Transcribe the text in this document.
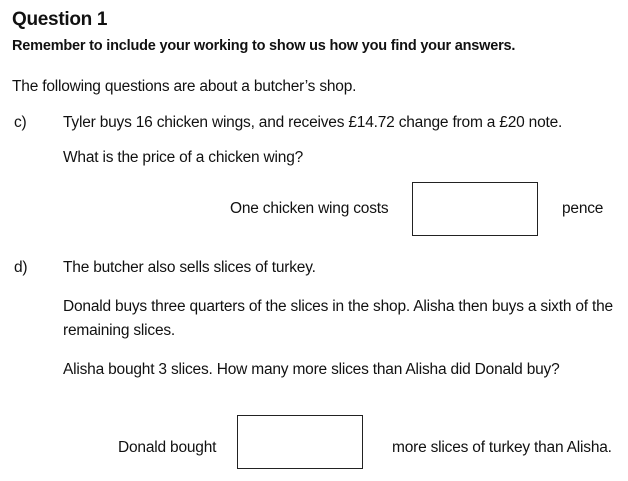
Question 1
Remember to include your working to show us how you find your answers.
The following questions are about a butcher’s shop.
c) Tyler buys 16 chicken wings, and receives £14.72 change from a £20 note.
What is the price of a chicken wing?
One chicken wing costs	pence
d) The butcher also sells slices of turkey.
Donald buys three quarters of the slices in the shop. Alisha then buys a sixth of the
remaining slices.
Alisha bought 3 slices. How many more slices than Alisha did Donald buy?
Donald bought	more slices of turkey than Alisha.
